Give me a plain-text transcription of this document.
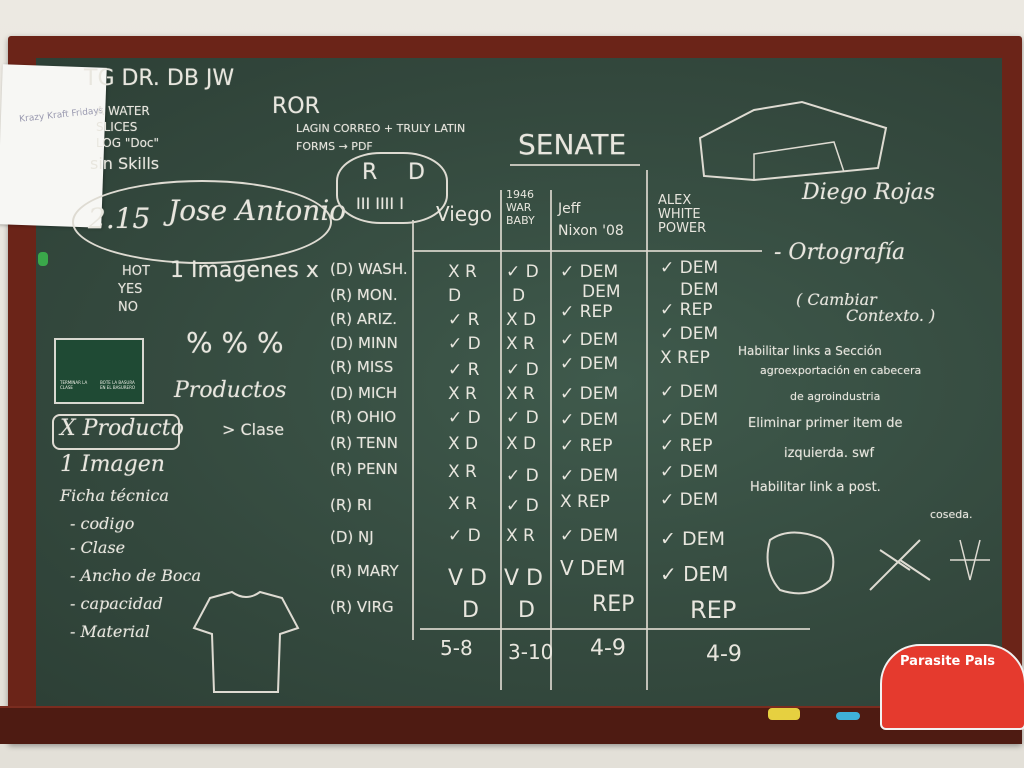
Krazy Kraft Fridays
TG DR. DB JW
A WATER
SLICES
LOG "Doc"
sin Skills
ROR
LAGIN CORREO + TRULY LATIN
FORMS → PDF
2.15 Jose Antonio
R D
III IIII I
HOT
YES
NO
1 Imagenes x
% % %
Productos
> Clase
TERMINAR LA CLASE
BOTE LA BASURA EN EL BASURERO
X Producto
1 Imagen
Ficha técnica
- codigo
- Clase
- Ancho de Boca
- capacidad
- Material
(D) WASH.
(R) MON.
(R) ARIZ.
(D) MINN
(R) MISS
(D) MICH
(R) OHIO
(R) TENN
(R) PENN
(R) RI
(D) NJ
(R) MARY
(R) VIRG
SENATE
Viego
1946
WAR
BABY
Jeff
Nixon '08
ALEX
WHITE
POWER
X R
D
✓ R
✓ D
✓ R
X R
✓ D
X D
X R
X R
✓ D
V D
D
✓ D
D
X D
X R
✓ D
X R
✓ D
X D
✓ D
✓ D
X R
V D
D
✓ DEM
DEM
✓ REP
✓ DEM
✓ DEM
✓ DEM
✓ DEM
✓ REP
✓ DEM
X REP
✓ DEM
V DEM
REP
✓ DEM
DEM
✓ REP
✓ DEM
X REP
✓ DEM
✓ DEM
✓ REP
✓ DEM
✓ DEM
✓ DEM
✓ DEM
REP
5-8 3-10 4-9	4-9
Diego Rojas
- Ortografía
( Cambiar
Contexto. )
Habilitar links a Sección
agroexportación en cabecera
de agroindustria
Eliminar primer item de
izquierda. swf
Habilitar link a post.
coseda.
Parasite Pals
